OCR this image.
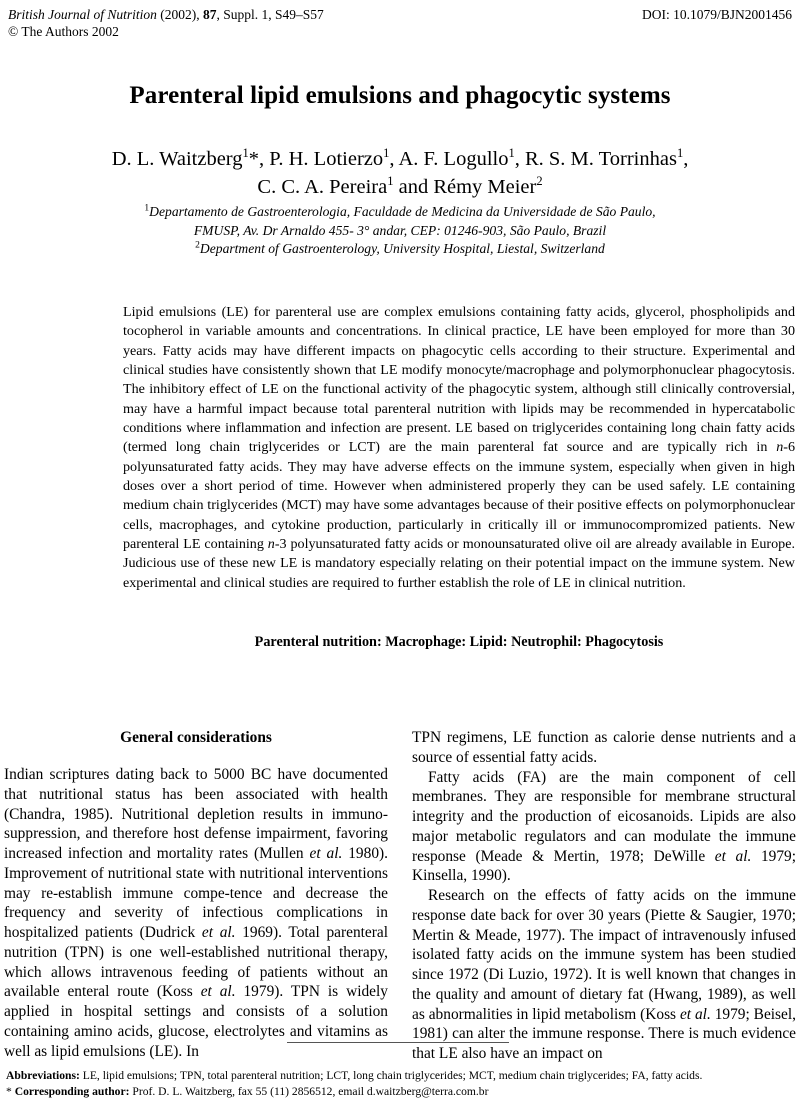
British Journal of Nutrition (2002), 87, Suppl. 1, S49–S57	DOI: 10.1079/BJN2001456
© The Authors 2002
Parenteral lipid emulsions and phagocytic systems
D. L. Waitzberg$^1$*, P. H. Lotierzo$^1$, A. F. Logullo$^1$, R. S. M. Torrinhas$^1$,
C. C. A. Pereira$^1$ and Rémy Meier$^2$
$^1$Departamento de Gastroenterologia, Faculdade de Medicina da Universidade de São Paulo,
FMUSP, Av. Dr Arnaldo 455- 3° andar, CEP: 01246-903, São Paulo, Brazil
$^2$Department of Gastroenterology, University Hospital, Liestal, Switzerland
Lipid emulsions (LE) for parenteral use are complex emulsions containing fatty acids, glycerol, phospholipids and tocopherol in variable amounts and concentrations. In clinical practice, LE have been employed for more than 30 years. Fatty acids may have different impacts on phagocytic cells according to their structure. Experimental and clinical studies have consistently shown that LE modify monocyte/macrophage and polymorphonuclear phagocytosis. The inhibitory effect of LE on the functional activity of the phagocytic system, although still clinically controversial, may have a harmful impact because total parenteral nutrition with lipids may be recommended in hypercatabolic conditions where inflammation and infection are present. LE based on triglycerides containing long chain fatty acids (termed long chain triglycerides or LCT) are the main parenteral fat source and are typically rich in n-6 polyunsaturated fatty acids. They may have adverse effects on the immune system, especially when given in high doses over a short period of time. However when administered properly they can be used safely. LE containing medium chain triglycerides (MCT) may have some advantages because of their positive effects on polymorphonuclear cells, macrophages, and cytokine production, particularly in critically ill or immunocompromized patients. New parenteral LE containing n-3 polyunsaturated fatty acids or monounsaturated olive oil are already available in Europe. Judicious use of these new LE is mandatory especially relating on their potential impact on the immune system. New experimental and clinical studies are required to further establish the role of LE in clinical nutrition.
Parenteral nutrition: Macrophage: Lipid: Neutrophil: Phagocytosis
General considerations

Indian scriptures dating back to 5000 BC have documented that nutritional status has been associated with health (Chandra, 1985). Nutritional depletion results in immuno-suppression, and therefore host defense impairment, favoring increased infection and mortality rates (Mullen et al. 1980). Improvement of nutritional state with nutritional interventions may re-establish immune compe-tence and decrease the frequency and severity of infectious complications in hospitalized patients (Dudrick et al. 1969). Total parenteral nutrition (TPN) is one well-established nutritional therapy, which allows intravenous feeding of patients without an available enteral route (Koss et al. 1979). TPN is widely applied in hospital settings and consists of a solution containing amino acids, glucose, electrolytes and vitamins as well as lipid emulsions (LE). In

TPN regimens, LE function as calorie dense nutrients and a source of essential fatty acids.

Fatty acids (FA) are the main component of cell membranes. They are responsible for membrane structural integrity and the production of eicosanoids. Lipids are also major metabolic regulators and can modulate the immune response (Meade & Mertin, 1978; DeWille et al. 1979; Kinsella, 1990).

Research on the effects of fatty acids on the immune response date back for over 30 years (Piette & Saugier, 1970; Mertin & Meade, 1977). The impact of intravenously infused isolated fatty acids on the immune system has been studied since 1972 (Di Luzio, 1972). It is well known that changes in the quality and amount of dietary fat (Hwang, 1989), as well as abnormalities in lipid metabolism (Koss et al. 1979; Beisel, 1981) can alter the immune response. There is much evidence that LE also have an impact on

Abbreviations: LE, lipid emulsions; TPN, total parenteral nutrition; LCT, long chain triglycerides; MCT, medium chain triglycerides; FA, fatty acids.
* Corresponding author: Prof. D. L. Waitzberg, fax 55 (11) 2856512, email d.waitzberg@terra.com.br
